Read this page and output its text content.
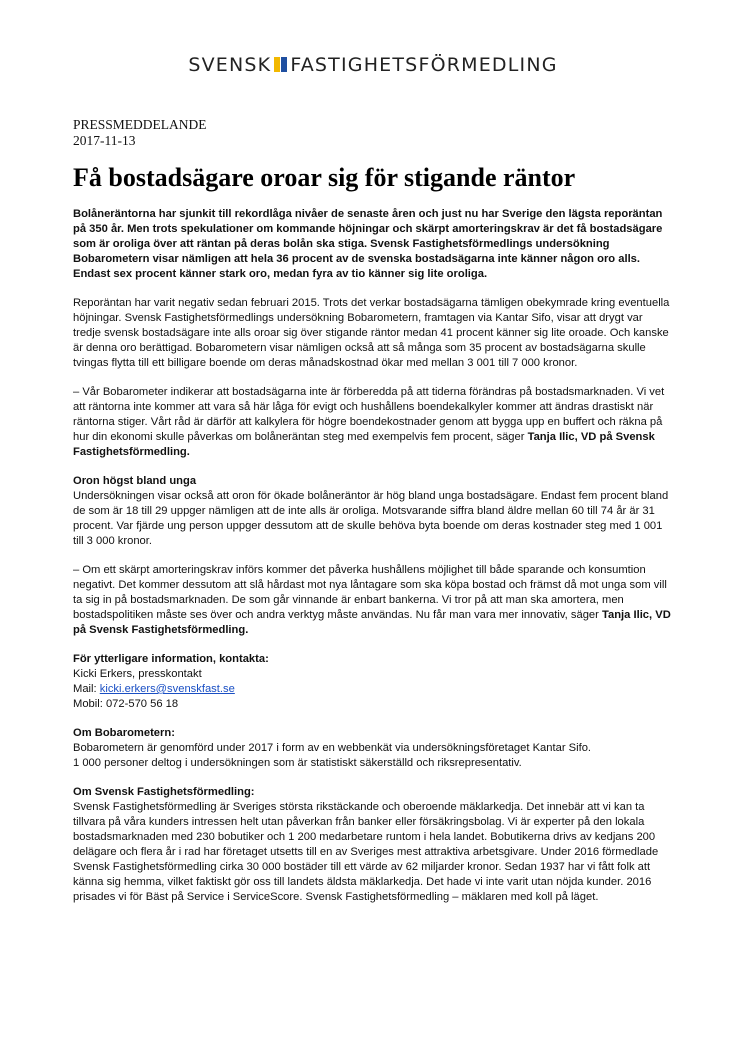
SVENSK FASTIGHETSFÖRMEDLING
PRESSMEDDELANDE
2017-11-13
Få bostadsägare oroar sig för stigande räntor

Bolåneräntorna har sjunkit till rekordlåga nivåer de senaste åren och just nu har Sverige den lägsta reporäntan på 350 år. Men trots spekulationer om kommande höjningar och skärpt amorteringskrav är det få bostadsägare som är oroliga över att räntan på deras bolån ska stiga. Svensk Fastighetsförmedlings undersökning Bobarometern visar nämligen att hela 36 procent av de svenska bostadsägarna inte känner någon oro alls. Endast sex procent känner stark oro, medan fyra av tio känner sig lite oroliga.

Reporäntan har varit negativ sedan februari 2015. Trots det verkar bostadsägarna tämligen obekymrade kring eventuella höjningar. Svensk Fastighetsförmedlings undersökning Bobarometern, framtagen via Kantar Sifo, visar att drygt var tredje svensk bostadsägare inte alls oroar sig över stigande räntor medan 41 procent känner sig lite oroade. Och kanske är denna oro berättigad. Bobarometern visar nämligen också att så många som 35 procent av bostadsägarna skulle tvingas flytta till ett billigare boende om deras månadskostnad ökar med mellan 3 001 till 7 000 kronor.

– Vår Bobarometer indikerar att bostadsägarna inte är förberedda på att tiderna förändras på bostadsmarknaden. Vi vet att räntorna inte kommer att vara så här låga för evigt och hushållens boendekalkyler kommer att ändras drastiskt när räntorna stiger. Vårt råd är därför att kalkylera för högre boendekostnader genom att bygga upp en buffert och räkna på hur din ekonomi skulle påverkas om bolåneräntan steg med exempelvis fem procent, säger Tanja Ilic, VD på Svensk Fastighetsförmedling.

Oron högst bland unga
Undersökningen visar också att oron för ökade bolåneräntor är hög bland unga bostadsägare. Endast fem procent bland de som är 18 till 29 uppger nämligen att de inte alls är oroliga. Motsvarande siffra bland äldre mellan 60 till 74 år är 31 procent. Var fjärde ung person uppger dessutom att de skulle behöva byta boende om deras kostnader steg med 1 001 till 3 000 kronor.

– Om ett skärpt amorteringskrav införs kommer det påverka hushållens möjlighet till både sparande och konsumtion negativt. Det kommer dessutom att slå hårdast mot nya låntagare som ska köpa bostad och främst då mot unga som vill ta sig in på bostadsmarknaden. De som går vinnande är enbart bankerna. Vi tror på att man ska amortera, men bostadspolitiken måste ses över och andra verktyg måste användas. Nu får man vara mer innovativ, säger Tanja Ilic, VD på Svensk Fastighetsförmedling.

För ytterligare information, kontakta:
Kicki Erkers, presskontakt
Mail: kicki.erkers@svenskfast.se
Mobil: 072-570 56 18

Om Bobarometern:
Bobarometern är genomförd under 2017 i form av en webbenkät via undersökningsföretaget Kantar Sifo.
1 000 personer deltog i undersökningen som är statistiskt säkerställd och riksrepresentativ.

Om Svensk Fastighetsförmedling:
Svensk Fastighetsförmedling är Sveriges största rikstäckande och oberoende mäklarkedja. Det innebär att vi kan ta tillvara på våra kunders intressen helt utan påverkan från banker eller försäkringsbolag. Vi är experter på den lokala bostadsmarknaden med 230 bobutiker och 1 200 medarbetare runtom i hela landet. Bobutikerna drivs av kedjans 200 delägare och flera år i rad har företaget utsetts till en av Sveriges mest attraktiva arbetsgivare. Under 2016 förmedlade Svensk Fastighetsförmedling cirka 30 000 bostäder till ett värde av 62 miljarder kronor. Sedan 1937 har vi fått folk att känna sig hemma, vilket faktiskt gör oss till landets äldsta mäklarkedja. Det hade vi inte varit utan nöjda kunder. 2016 prisades vi för Bäst på Service i ServiceScore. Svensk Fastighetsförmedling – mäklaren med koll på läget.
